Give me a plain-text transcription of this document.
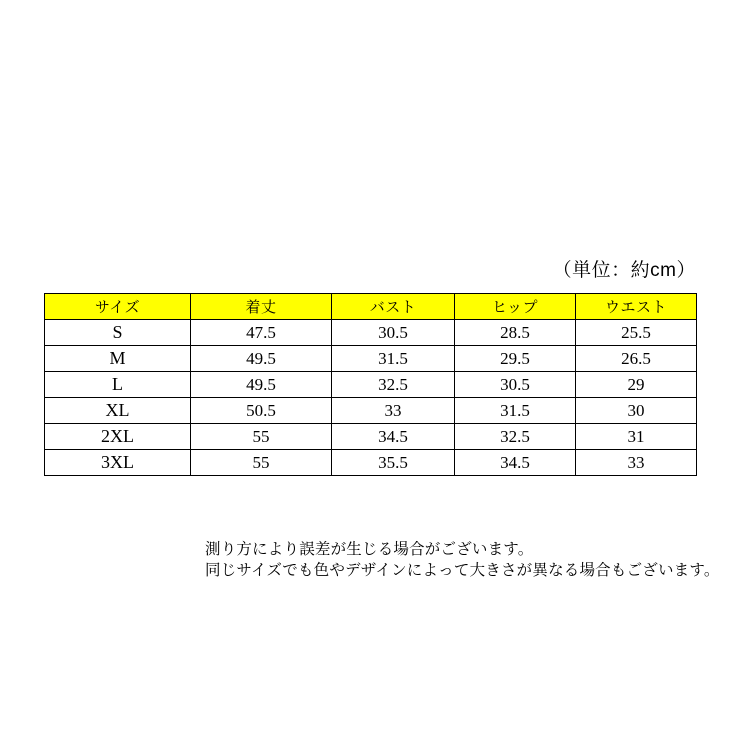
（単位：約cm）
サイズ	着丈	バスト	ヒップ	ウエスト
S	47.5	30.5	28.5	25.5
M	49.5	31.5	29.5	26.5
L	49.5	32.5	30.5	29
XL	50.5	33	31.5	30
2XL	55	34.5	32.5	31
3XL	55	35.5	34.5	33
測り方により誤差が生じる場合がございます。
同じサイズでも色やデザインによって大きさが異なる場合もございます。
